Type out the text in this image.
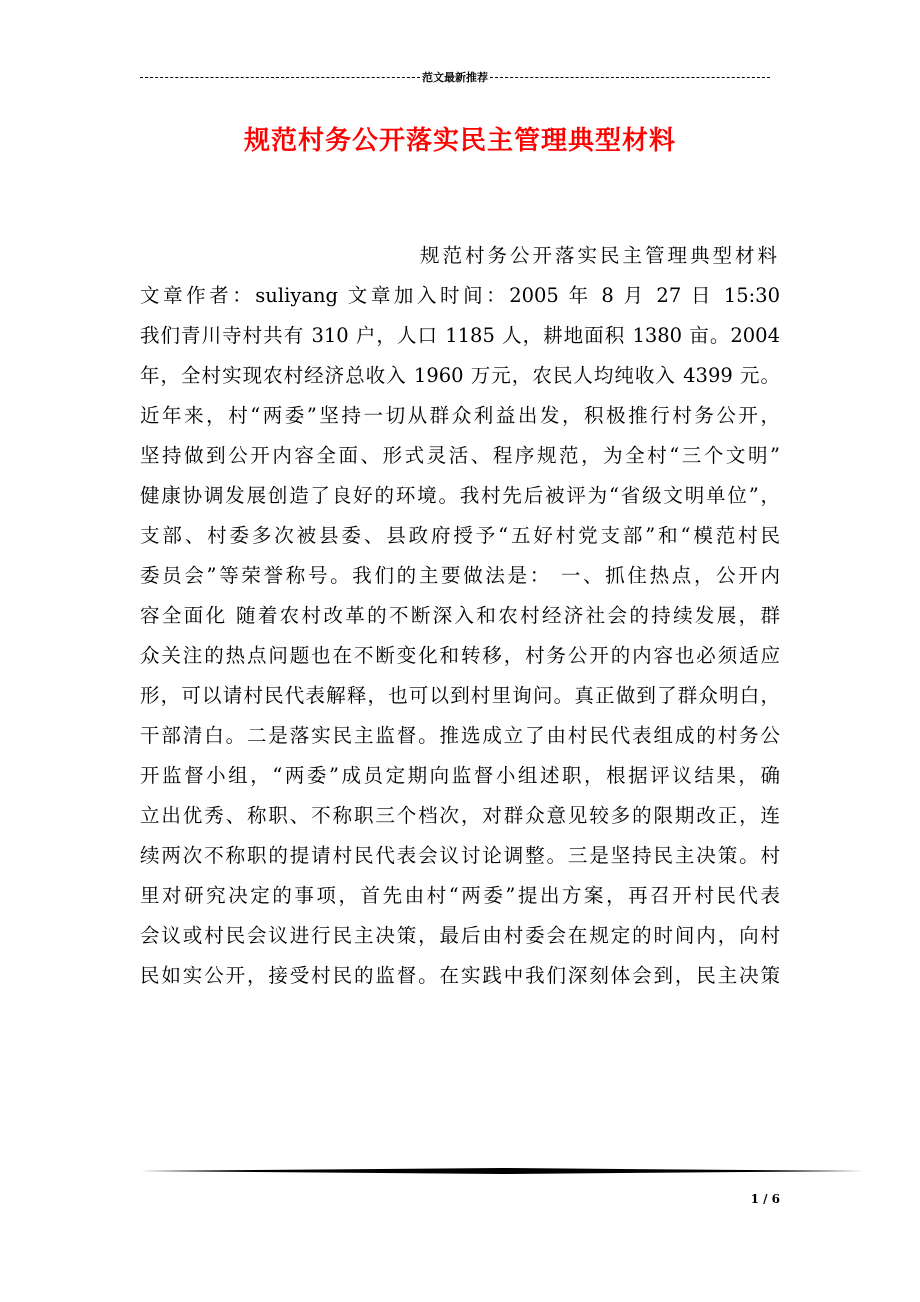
范文最新推荐
规范村务公开落实民主管理典型材料
规范村务公开落实民主管理典型材料
文章作者：suliyang 文章加入时间：2005 年 8 月 27 日 15:30
我们青川寺村共有 310 户，人口 1185 人，耕地面积 1380 亩。2004
年，全村实现农村经济总收入 1960 万元，农民人均纯收入 4399 元。
近年来，村“两委”坚持一切从群众利益出发，积极推行村务公开，
坚持做到公开内容全面、形式灵活、程序规范，为全村“三个文明”
健康协调发展创造了良好的环境。我村先后被评为“省级文明单位”，
支部、村委多次被县委、县政府授予“五好村党支部”和“模范村民
委员会”等荣誉称号。我们的主要做法是： 一、抓住热点，公开内
容全面化 随着农村改革的不断深入和农村经济社会的持续发展，群
众关注的热点问题也在不断变化和转移，村务公开的内容也必须适应
形，可以请村民代表解释，也可以到村里询问。真正做到了群众明白，
干部清白。二是落实民主监督。推选成立了由村民代表组成的村务公
开监督小组，“两委”成员定期向监督小组述职，根据评议结果，确
立出优秀、称职、不称职三个档次，对群众意见较多的限期改正，连
续两次不称职的提请村民代表会议讨论调整。三是坚持民主决策。村
里对研究决定的事项，首先由村“两委”提出方案，再召开村民代表
会议或村民会议进行民主决策，最后由村委会在规定的时间内，向村
民如实公开，接受村民的监督。在实践中我们深刻体会到，民主决策
1 / 6
